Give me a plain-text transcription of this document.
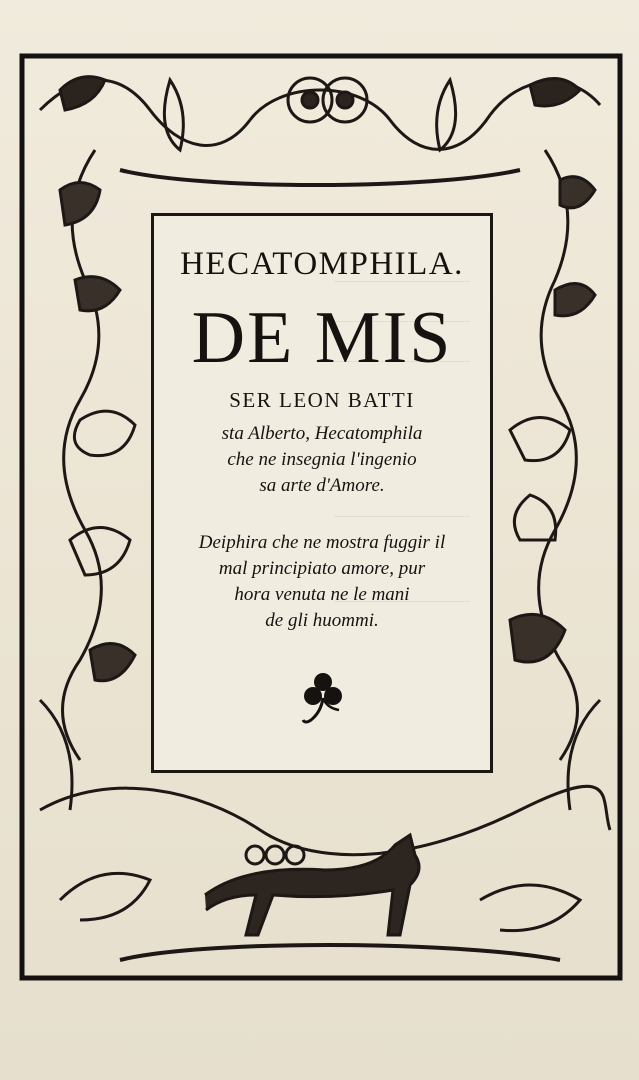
HECATOMPHILA.
DE MIS
SER LEON BATTI
sta Alberto, Hecatomphila
che ne insegnia l'ingenio
sa arte d'Amore.
Deiphira che ne mostra fuggir il
mal principiato amore, pur
hora venuta ne le mani
de gli huommi.
